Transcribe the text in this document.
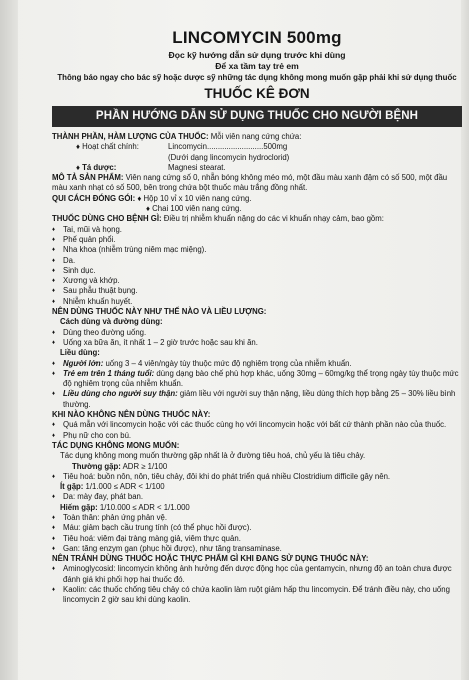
LINCOMYCIN 500mg
Đọc kỹ hướng dẫn sử dụng trước khi dùng
Để xa tầm tay trẻ em
Thông báo ngay cho bác sỹ hoặc dược sỹ những tác dụng không mong muốn gặp phải khi sử dụng thuốc
THUỐC KÊ ĐƠN
PHẦN HƯỚNG DẪN SỬ DỤNG THUỐC CHO NGƯỜI BỆNH
THÀNH PHẦN, HÀM LƯỢNG CỦA THUỐC: Mỗi viên nang cứng chứa:
♦ Hoạt chất chính:	Lincomycin..........................500mg
(Dưới dạng lincomycin hydroclorid)
♦ Tá dược:	Magnesi stearat.
MÔ TẢ SẢN PHẨM: Viên nang cứng số 0, nhẵn bóng không méo mó, một đầu màu xanh đậm có số 500, một đầu màu xanh nhạt có số 500, bên trong chứa bột thuốc màu trắng đồng nhất.
QUI CÁCH ĐÓNG GÓI: ♦ Hộp 10 vỉ x 10 viên nang cứng.
♦ Chai 100 viên nang cứng.
THUỐC DÙNG CHO BỆNH GÌ: Điều trị nhiễm khuẩn nặng do các vi khuẩn nhạy cảm, bao gồm:
♦	Tai, mũi và họng.
♦	Phế quản phổi.
♦	Nha khoa (nhiễm trùng niêm mạc miệng).
♦	Da.
♦	Sinh dục.
♦	Xương và khớp.
♦	Sau phẫu thuật bụng.
♦	Nhiễm khuẩn huyết.
NÊN DÙNG THUỐC NÀY NHƯ THẾ NÀO VÀ LIỀU LƯỢNG:
Cách dùng và đường dùng:
♦	Dùng theo đường uống.
♦	Uống xa bữa ăn, ít nhất 1 – 2 giờ trước hoặc sau khi ăn.
Liều dùng:
♦	Người lớn: uống 3 – 4 viên/ngày tùy thuộc mức độ nghiêm trọng của nhiễm khuẩn.
♦	Trẻ em trên 1 tháng tuổi: dùng dạng bào chế phù hợp khác, uống 30mg – 60mg/kg thể trọng ngày tùy thuộc mức độ nghiêm trọng của nhiễm khuẩn.
♦	Liều dùng cho người suy thận: giảm liều với người suy thận nặng, liều dùng thích hợp bằng 25 – 30% liều bình thường.
KHI NÀO KHÔNG NÊN DÙNG THUỐC NÀY:
♦	Quá mẫn với lincomycin hoặc với các thuốc cùng họ với lincomycin hoặc với bất cứ thành phần nào của thuốc.
♦	Phụ nữ cho con bú.
TÁC DỤNG KHÔNG MONG MUỐN:
Tác dụng không mong muốn thường gặp nhất là ở đường tiêu hoá, chủ yếu là tiêu chảy.
Thường gặp: ADR ≥ 1/100
♦	Tiêu hoá: buồn nôn, nôn, tiêu chảy, đôi khi do phát triển quá nhiều Clostridium difficile gây nên.
Ít gặp: 1/1.000 ≤ ADR < 1/100
♦	Da: mày đay, phát ban.
Hiếm gặp: 1/10.000 ≤ ADR < 1/1.000
♦	Toàn thân: phản ứng phản vệ.
♦	Máu: giảm bạch cầu trung tính (có thể phục hồi được).
♦	Tiêu hoá: viêm đại tràng màng giả, viêm thực quản.
♦	Gan: tăng enzym gan (phục hồi được), như tăng transaminase.
NÊN TRÁNH DÙNG THUỐC HOẶC THỰC PHẨM GÌ KHI ĐANG SỬ DỤNG THUỐC NÀY:
♦	Aminoglycosid: lincomycin không ảnh hưởng đến dược động học của gentamycin, nhưng độ an toàn chưa được đánh giá khi phối hợp hai thuốc đó.
♦	Kaolin: các thuốc chống tiêu chảy có chứa kaolin làm ruột giảm hấp thu lincomycin. Để tránh điều này, cho uống lincomycin 2 giờ sau khi dùng kaolin.
